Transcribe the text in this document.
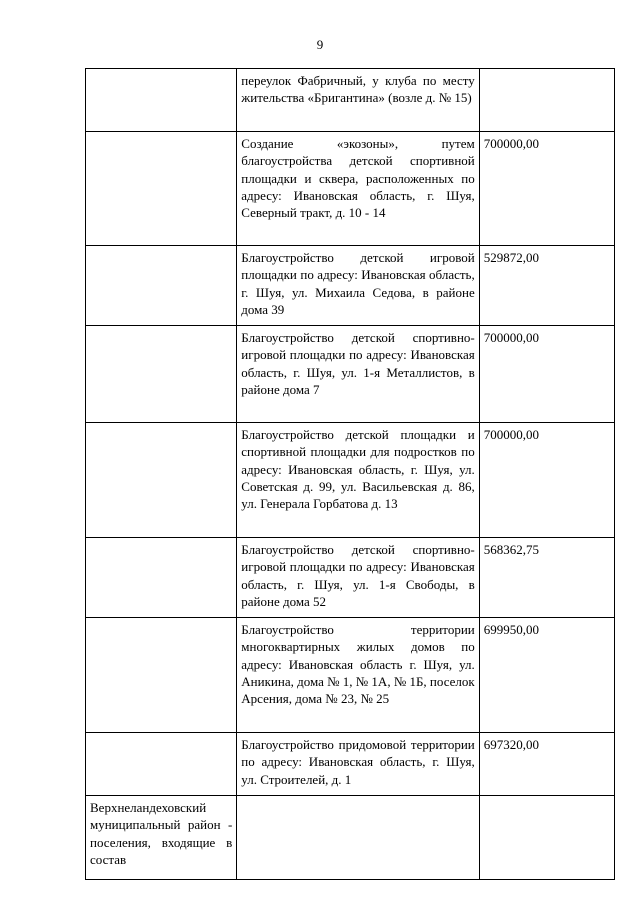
9
	переулок Фабричный, у клуба по месту жительства «Бригантина» (возле д. № 15)	
	Создание «экозоны», путем благоустройства детской спортивной площадки и сквера, расположенных по адресу: Ивановская область, г. Шуя, Северный тракт, д. 10 - 14	700000,00
	Благоустройство детской игровой площадки по адресу: Ивановская область, г. Шуя, ул. Михаила Седова, в районе дома 39	529872,00
	Благоустройство детской спортивно-игровой площадки по адресу: Ивановская область, г. Шуя, ул. 1-я Металлистов, в районе дома 7	700000,00
	Благоустройство детской площадки и спортивной площадки для подростков по адресу: Ивановская область, г. Шуя, ул. Советская д. 99, ул. Васильевская д. 86, ул. Генерала Горбатова д. 13	700000,00
	Благоустройство детской спортивно-игровой площадки по адресу: Ивановская область, г. Шуя, ул. 1-я Свободы, в районе дома 52	568362,75
	Благоустройство территории многоквартирных жилых домов по адресу: Ивановская область г. Шуя, ул. Аникина, дома № 1, № 1А, № 1Б, поселок Арсения, дома № 23, № 25	699950,00
	Благоустройство придомовой территории по адресу: Ивановская область, г. Шуя, ул. Строителей, д. 1	697320,00
Верхнеландеховский муниципальный район - поселения, входящие в состав		
